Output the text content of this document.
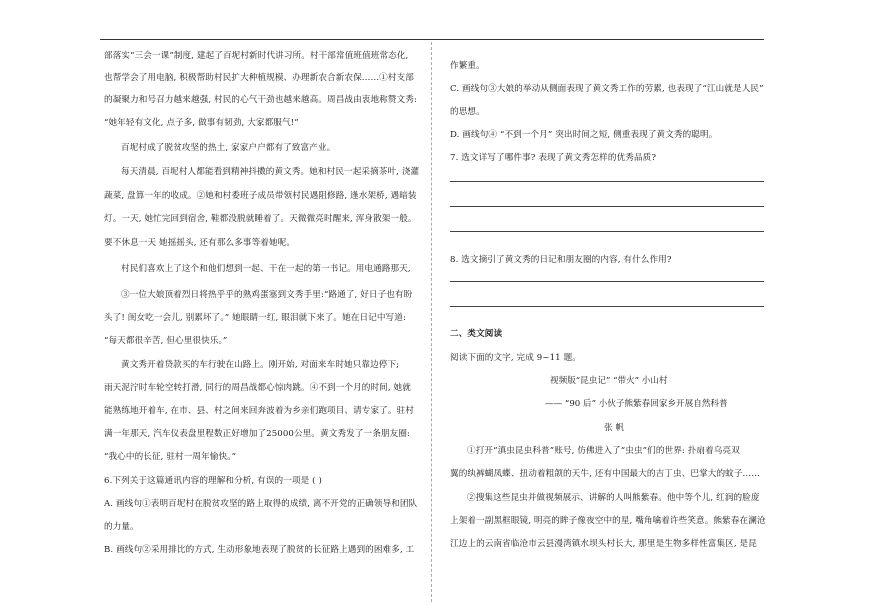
部落实“三会一课”制度, 建起了百坭村新时代讲习所。村干部常值班值班常态化,
也帮学会了用电脑, 积极帮助村民扩大种植规模、办理新农合新农保……①村支部
的凝聚力和号召力越来越强, 村民的心气干劲也越来越高。周昌战由衷地称赞文秀:
“她年轻有文化, 点子多, 做事有韧劲, 大家都服气!”
百坭村成了脱贫攻坚的热土, 家家户户都有了致富产业。
每天清晨, 百坭村人都能看到精神抖擞的黄文秀。她和村民一起采摘茶叶, 浇灌
蔬菜, 盘算一年的收成。②她和村委班子成员带领村民遇阻修路, 逢水架桥, 遇暗装
灯。一天, 她忙完回到宿舍, 鞋都没脱就睡着了。天微微亮时醒来, 浑身散架一般。
要不休息一天 她摇摇头, 还有那么多事等着她呢。
村民们喜欢上了这个和他们想到一起、干在一起的第一书记。用电通路那天,
③一位大娘顶着烈日将热乎乎的熟鸡蛋塞到文秀手里:“路通了, 好日子也有盼
头了! 闺女吃一会儿, 别累坏了。” 她眼睛一红, 眼泪就下来了。她在日记中写道:
“每天都很辛苦, 但心里很快乐。”
黄文秀开着贷款买的车行驶在山路上。刚开始, 对面来车时她只靠边停下;
雨天泥泞时车轮空转打滑, 同行的周昌战都心惊肉跳。④不到一个月的时间, 她就
能熟练地开着车, 在市、县、村之间来回奔波着为乡亲们跑项目、请专家了。驻村
满一年那天, 汽车仪表盘里程数正好增加了25000公里。黄文秀发了一条朋友圈:
“我心中的长征, 驻村一周年愉快。”
6.下列关于这篇通讯内容的理解和分析, 有误的一项是 ( )
A. 画线句①表明百坭村在脱贫攻坚的路上取得的成绩, 离不开党的正确领导和团队
的力量。
B. 画线句②采用排比的方式, 生动形象地表现了脱贫的长征路上遇到的困难多, 工
作繁重。
C. 画线句③大娘的举动从侧面表现了黄文秀工作的劳累, 也表现了“江山就是人民”
的思想。
D. 画线句④ “不到一个月” 突出时间之短, 侧重表现了黄文秀的聪明。
7. 选文详写了哪件事? 表现了黄文秀怎样的优秀品质?
8. 选文摘引了黄文秀的日记和朋友圈的内容, 有什么作用?
二、类文阅读
阅读下面的文字, 完成 9~11 题。
视频版“昆虫记” “带火” 小山村
—— “90 后” 小伙子熊紫春回家乡开展自然科普
张 帆
①打开“滇虫昆虫科普”账号, 仿佛进入了“虫虫”们的世界: 扑扇着乌亮双
翼的纨裤蝴凤蝶、扭动着粗颌的天牛, 还有中国最大的吉丁虫、巴掌大的蚊子……
②搜集这些昆虫并做视频展示、讲解的人叫熊紫春。他中等个儿, 红润的脸庞
上架着一副黑框眼镜, 明亮的眸子像夜空中的星, 嘴角噙着许些笑意。熊紫春在澜沧
江边上的云南省临沧市云县漫湾镇水坝头村长大, 那里是生物多样性富集区, 是昆
